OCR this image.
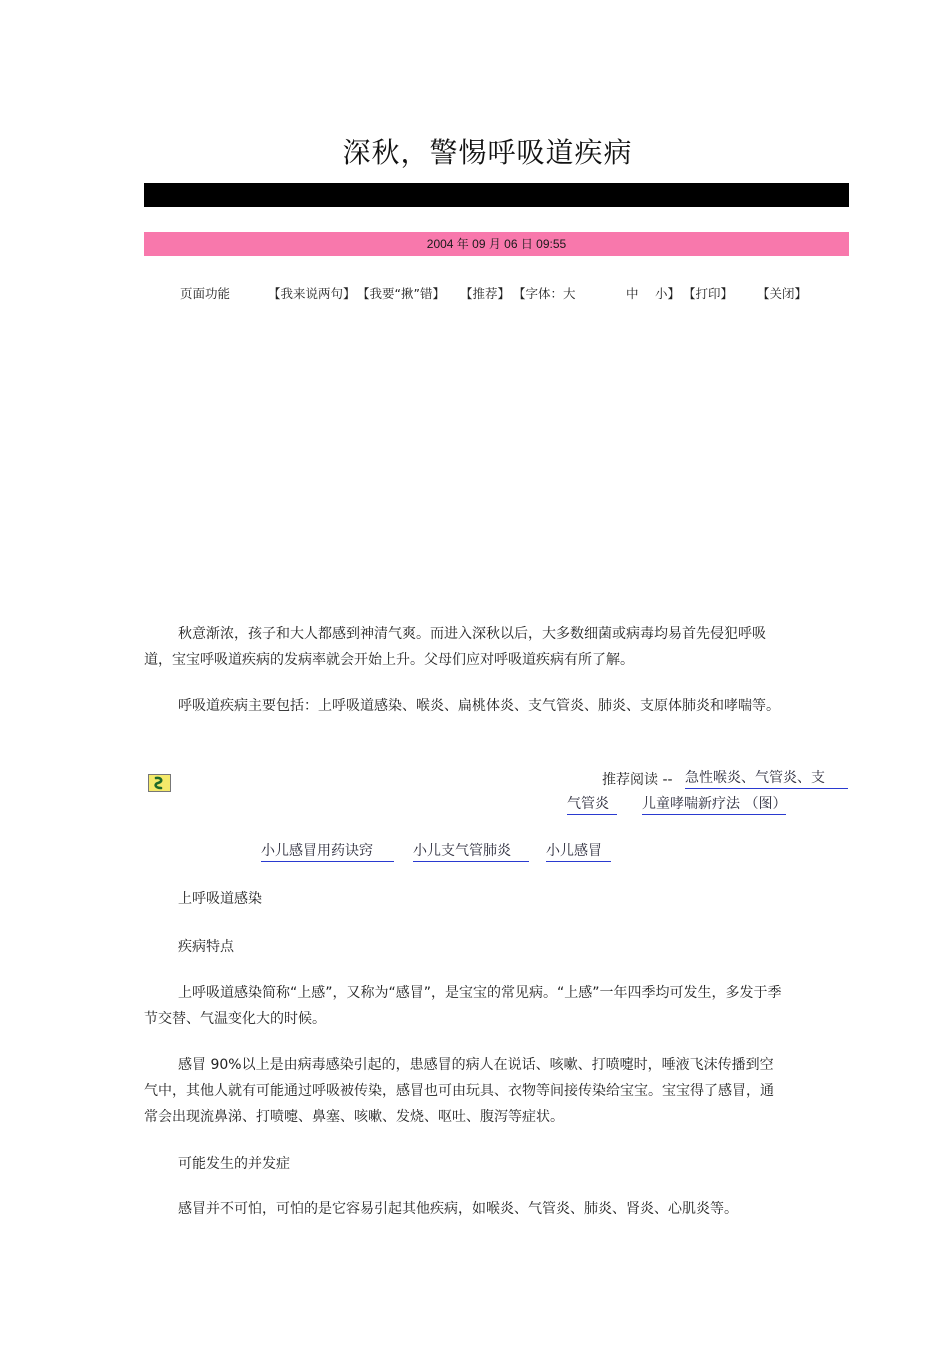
深秋，警惕呼吸道疾病
2004 年 09 月 06 日 09:55
页面功能	【我来说两句】 【我要“揪”错】 【推荐】 【字体：大	中 小】 【打印】 【关闭】

秋意渐浓，孩子和大人都感到神清气爽。而进入深秋以后，大多数细菌或病毒均易首先侵犯呼吸道，宝宝呼吸道疾病的发病率就会开始上升。父母们应对呼吸道疾病有所了解。

呼吸道疾病主要包括：上呼吸道感染、喉炎、扁桃体炎、支气管炎、肺炎、支原体肺炎和哮喘等。

推荐阅读 -- 急性喉炎、气管炎、支
气管炎	儿童哮喘新疗法 （图）
小儿感冒用药诀窍	小儿支气管肺炎	小儿感冒
上呼吸道感染
疾病特点

上呼吸道感染简称“上感”，又称为“感冒”，是宝宝的常见病。“上感”一年四季均可发生，多发于季节交替、气温变化大的时候。

感冒 90%以上是由病毒感染引起的，患感冒的病人在说话、咳嗽、打喷嚏时，唾液飞沫传播到空气中，其他人就有可能通过呼吸被传染，感冒也可由玩具、衣物等间接传染给宝宝。宝宝得了感冒，通常会出现流鼻涕、打喷嚏、鼻塞、咳嗽、发烧、呕吐、腹泻等症状。

可能发生的并发症

感冒并不可怕，可怕的是它容易引起其他疾病，如喉炎、气管炎、肺炎、肾炎、心肌炎等。
